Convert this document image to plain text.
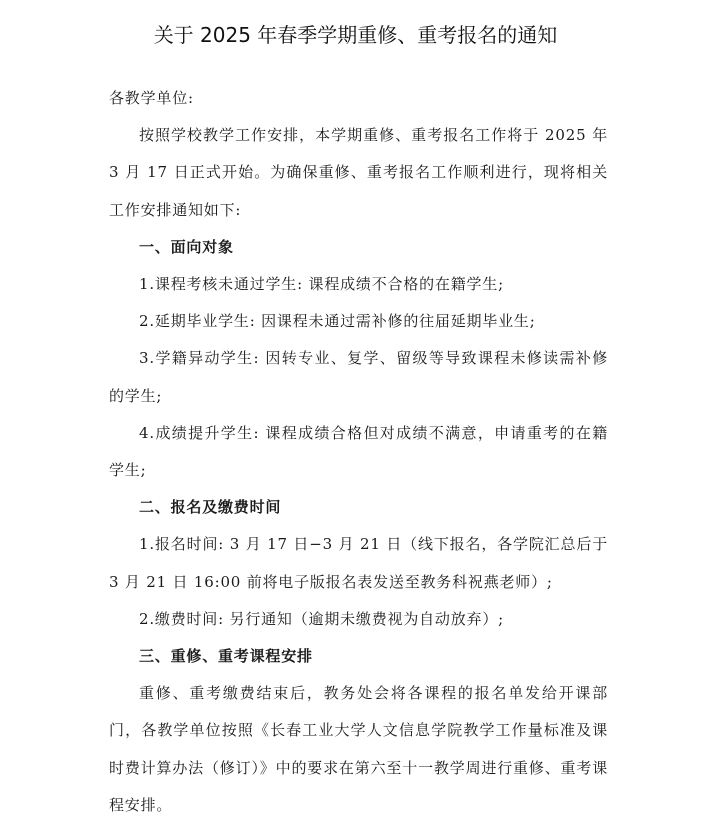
关于 2025 年春季学期重修、重考报名的通知

各教学单位:

按照学校教学工作安排，本学期重修、重考报名工作将于 2025 年 3 月 17 日正式开始。为确保重修、重考报名工作顺利进行，现将相关工作安排通知如下:

一、面向对象

1.课程考核未通过学生: 课程成绩不合格的在籍学生;

2.延期毕业学生: 因课程未通过需补修的往届延期毕业生;

3.学籍异动学生: 因转专业、复学、留级等导致课程未修读需补修的学生;

4.成绩提升学生: 课程成绩合格但对成绩不满意，申请重考的在籍学生;

二、报名及缴费时间

1.报名时间: 3 月 17 日−3 月 21 日（线下报名，各学院汇总后于 3 月 21 日 16:00 前将电子版报名表发送至教务科祝燕老师）;

2.缴费时间: 另行通知（逾期未缴费视为自动放弃）;

三、重修、重考课程安排

重修、重考缴费结束后，教务处会将各课程的报名单发给开课部门，各教学单位按照《长春工业大学人文信息学院教学工作量标准及课时费计算办法（修订）》中的要求在第六至十一教学周进行重修、重考课程安排。
